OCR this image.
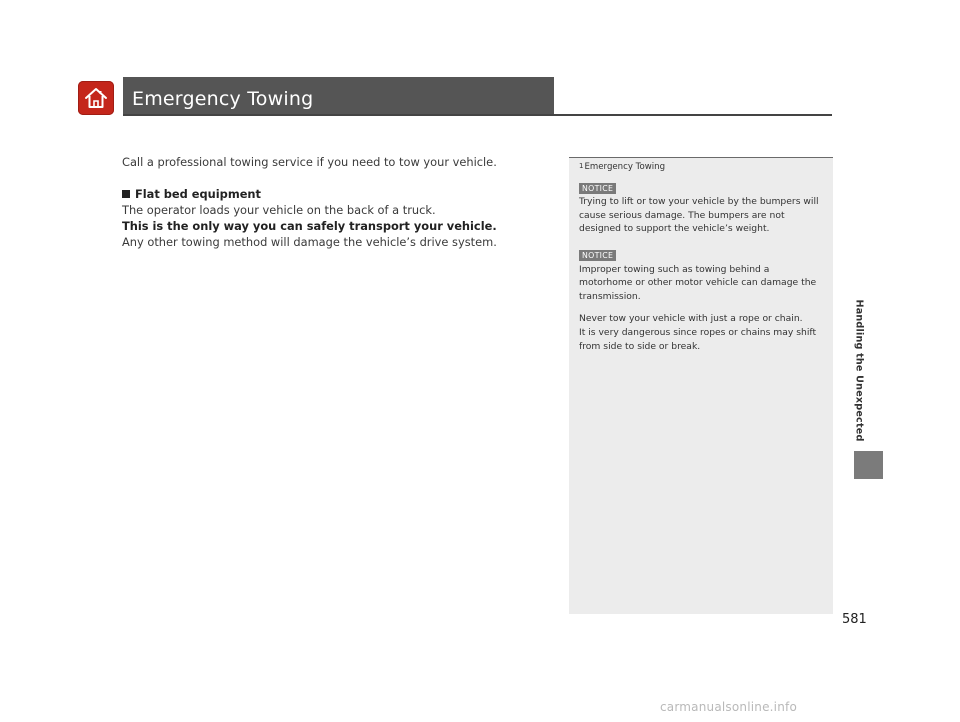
Emergency Towing

Call a professional towing service if you need to tow your vehicle.

Flat bed equipment

The operator loads your vehicle on the back of a truck.

This is the only way you can safely transport your vehicle.

Any other towing method will damage the vehicle’s drive system.

1Emergency Towing
NOTICE

Trying to lift or tow your vehicle by the bumpers will cause serious damage. The bumpers are not designed to support the vehicle’s weight.

NOTICE

Improper towing such as towing behind a motorhome or other motor vehicle can damage the transmission.

Never tow your vehicle with just a rope or chain.

It is very dangerous since ropes or chains may shift from side to side or break.	Handling the Unexpected
581
carmanualsonline.info
